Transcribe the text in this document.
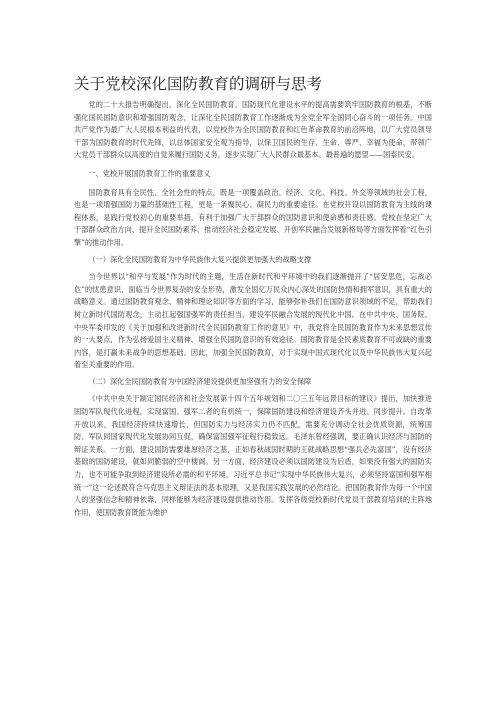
关于党校深化国防教育的调研与思考

党的二十大报告明确提出，深化全民国防教育。国防现代化建设水平的提高需要筑牢国防教育的根基，不断强化国民国防意识和增强国防观念，让深化全民国防教育工作逐渐成为全党全军全国同心奋斗的一项任务。中国共产党作为最广大人民根本利益的代表，以党校作为全民国防教育和红色革命教育的前沿阵地，以广大党员领导干部为国防教育的时代先锋，以总体国家安全观为指导，以保卫国民的生存、生命、尊严、幸福为使命，带领广大党员干部群众以高度的自觉来履行国防义务，逐步实现广大人民群众最基本、最普遍的愿望——国泰民安。

一、党校开展国防教育工作的重要意义

国防教育具有全民性、全社会性的特点，既是一项覆盖政治、经济、文化、科技、外交等领域的社会工程，也是一项增强国防力量的基础性工程，更是一条聚民心、凝民力的重要途径。在党校开设以国防教育为主线的课程体系，是践行党校初心的重要举措，有利于加强广大干部群众的国防意识和使命感和责任感。党校在坚定广大干部群众政治方向、提升全民国防素养、推动经济社会稳定发展、开创军民融合发展新格局等方面发挥着“红色引擎”的推动作用。

（一）深化全民国防教育为中华民族伟大复兴提供更加强大的战略支撑

当今世界以“和平与发展”作为时代的主题，生活在新时代和平环境中的我们逐渐抛开了“居安思危，忘战必危”的忧患意识，面临当今世界复杂的安全形势，激发全国亿万民众内心深处的国防热情和拥军意识，具有重大的战略意义。通过国防教育观念、精神和理论知识等方面的学习，能够弥补我们在国防意识领域的不足，帮助我们树立新时代国防观念，主动扛起强国强军的责任担当，建设军民融合发展的现代化中国。在中共中央、国务院、中央军委印发的《关于加强和改进新时代全民国防教育工作的意见》中，我党将全民国防教育作为未来思想宣传的一大要点，作为弘扬爱国主义精神、增强全民国防意识的有效途径。国防教育是全民素质教育不可或缺的重要内容，是打赢未来战争的思想基础。因此，加强全民国防教育，对于实现中国式现代化以及中华民族伟大复兴起着至关重要的作用。

（二）深化全民国防教育为中国经济建设提供更加坚强有力的安全保障

《中共中央关于制定国民经济和社会发展第十四个五年规划和二〇三五年远景目标的建议》提出，加快推进国防军队现代化进程，实现富国、强军二者的有机统一，保障国防建设和经济建设齐头并进、同步提升。自改革开放以来，我国经济持续快速增长，但国防实力与经济实力仍不匹配，需要充分调动全社会优质资源，统筹国防、军队同国家现代化发展协同互促，确保富国强军征程行稳致远。毛泽东曾经强调，要正确认识经济与国防的辩证关系。一方面，建设国防需要雄厚经济之基，正如春秋战国时期的王就战略思想“强兵必先富国”，没有经济基础的国防建设，就如同脆弱的空中楼阁。另一方面，经济建设必须以国防建设为后盾，如果没有强大的国防实力，也不可能争取到经济建设所必需的和平环境。习近平总书记“实现中华民族伟大复兴，必须坚持富国和强军相统一”这一论述既符合马克思主义辩证法的基本原理，又是我国实践发展的必然结论。把国防教育作为每一个中国人的坚强信念和精神依靠，同样能够为经济建设提供推动作用。发挥各级党校新时代党员干部教育培训的主阵地作用，使国防教育既能为维护
